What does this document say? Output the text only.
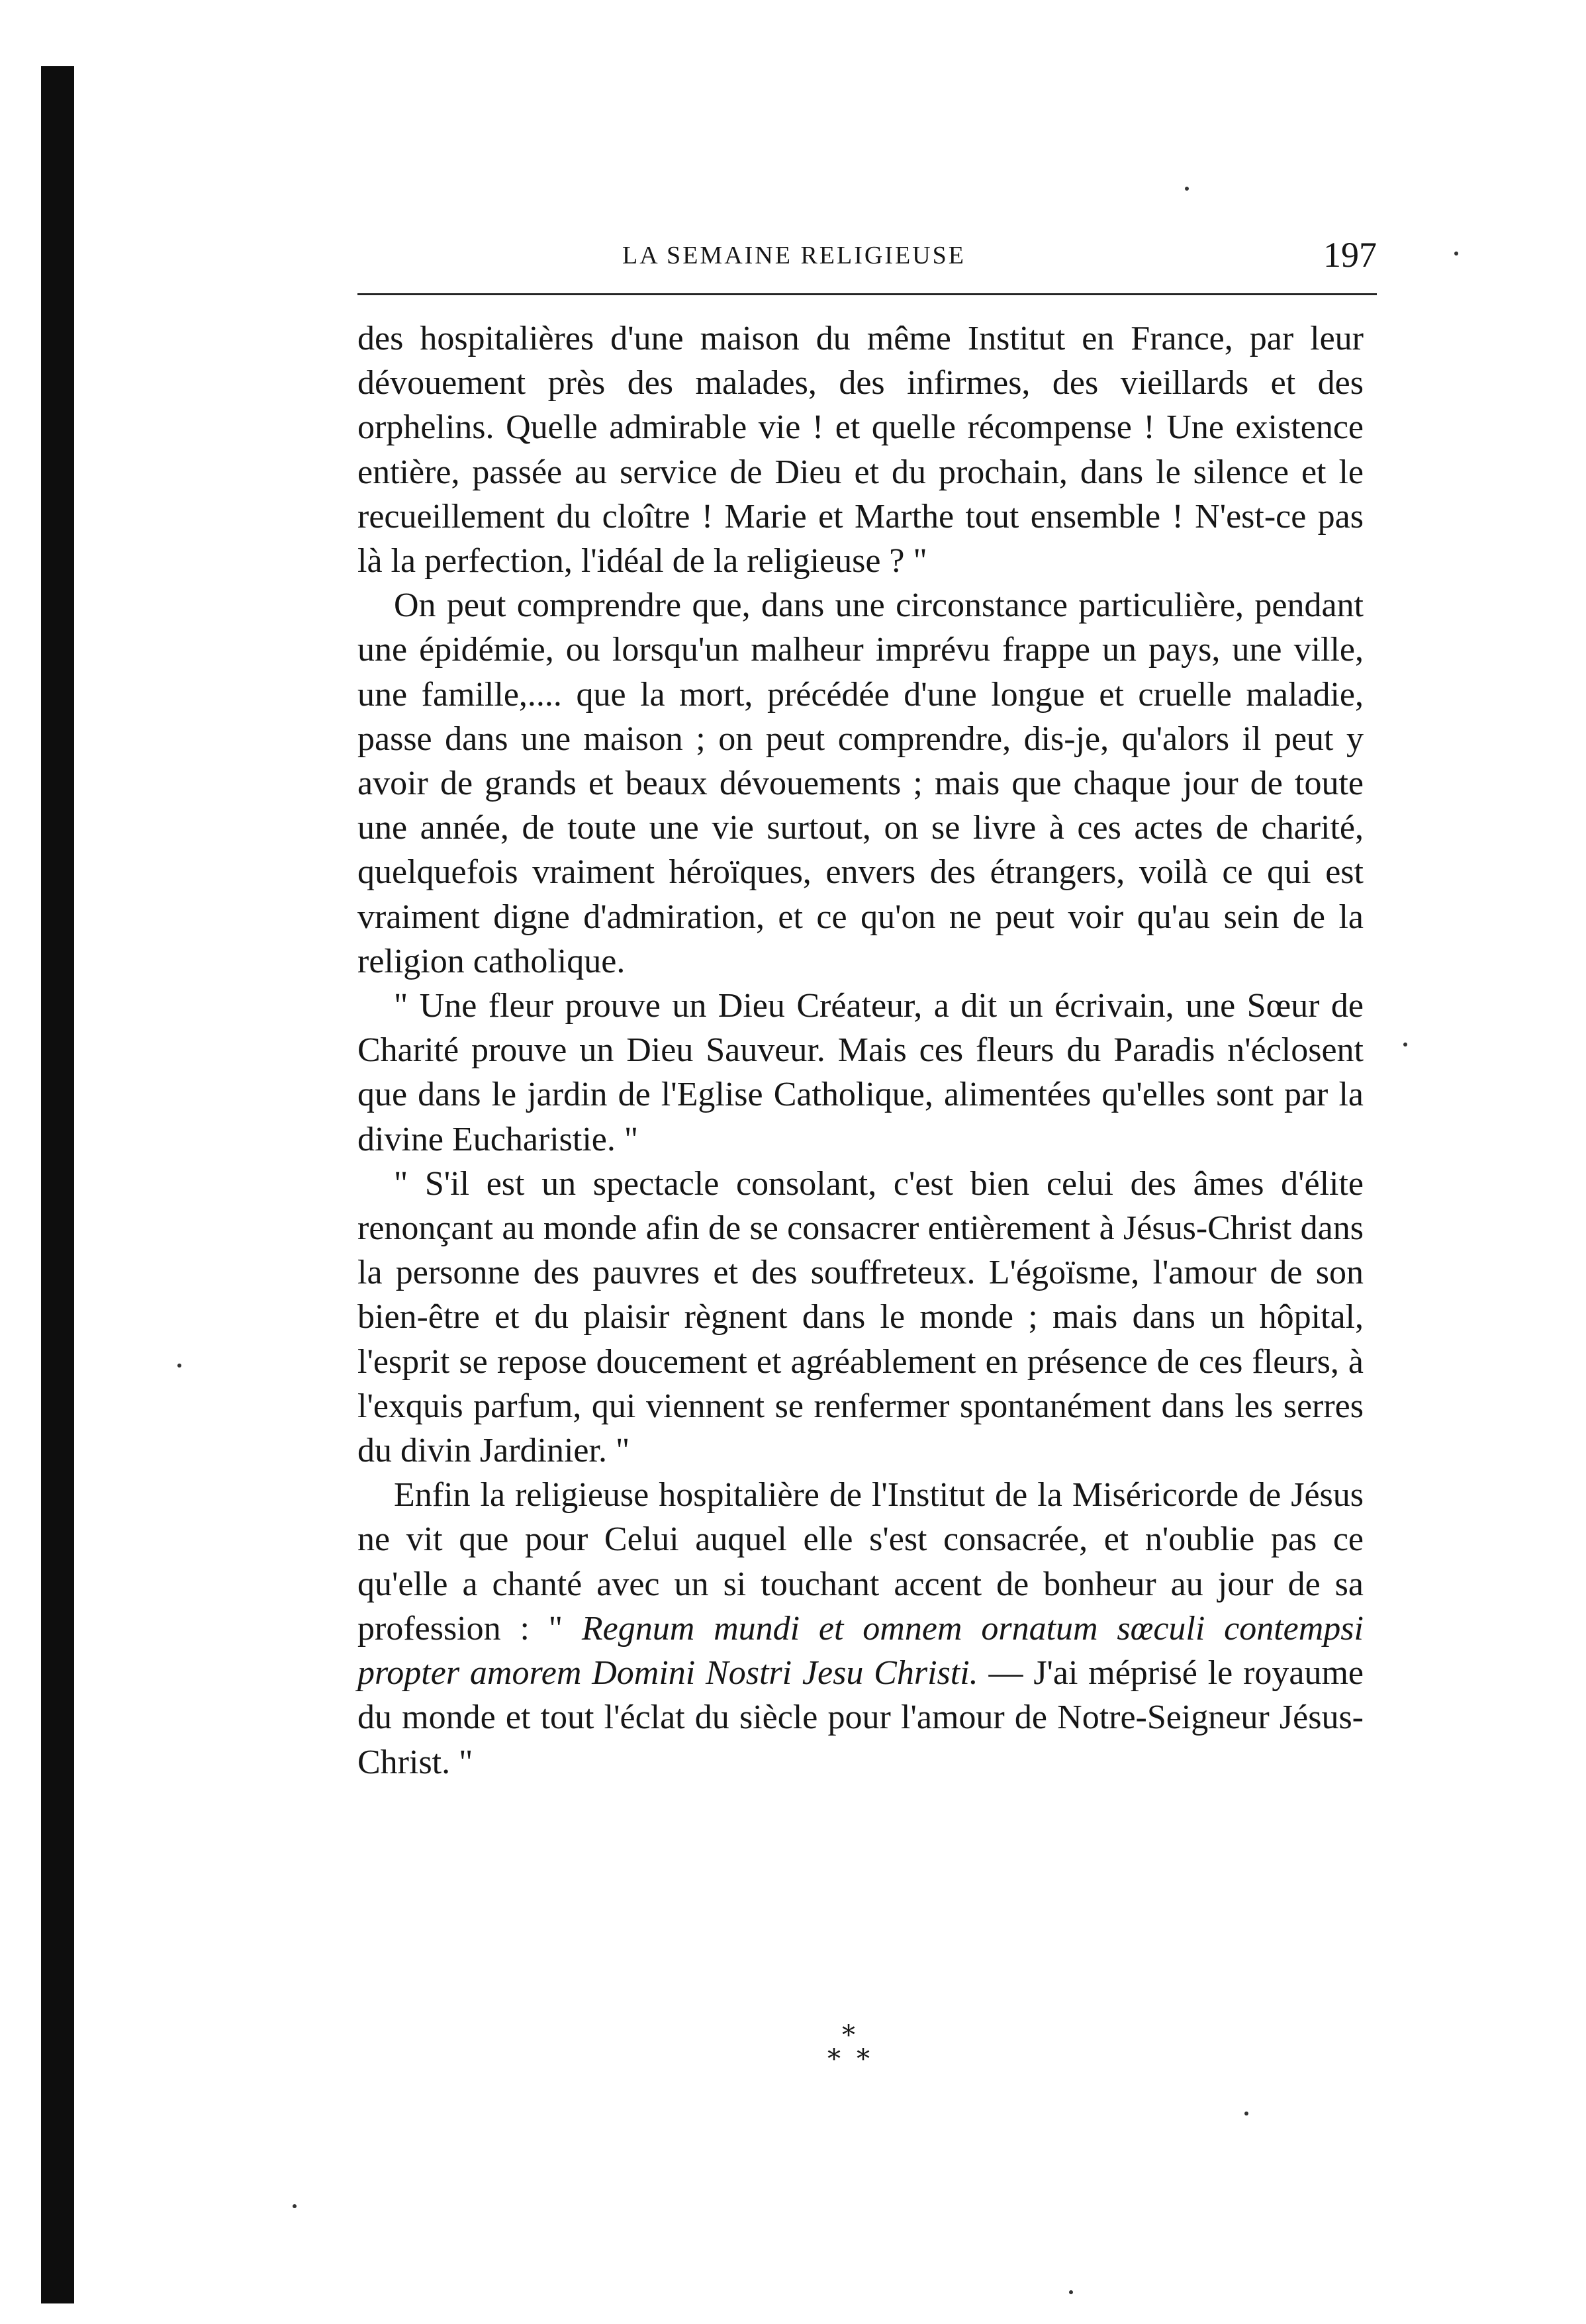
LA SEMAINE RELIGIEUSE	197

des hospitalières d'une maison du même Institut en France, par leur dévouement près des malades, des infirmes, des vieillards et des orphelins. Quelle admirable vie ! et quelle récompense ! Une existence entière, passée au service de Dieu et du prochain, dans le silence et le recueillement du cloître ! Marie et Marthe tout ensemble ! N'est-ce pas là la perfection, l'idéal de la religieuse ? "

On peut comprendre que, dans une circonstance particulière, pendant une épidémie, ou lorsqu'un malheur imprévu frappe un pays, une ville, une famille,.... que la mort, précédée d'une longue et cruelle maladie, passe dans une maison ; on peut comprendre, dis-je, qu'alors il peut y avoir de grands et beaux dévouements ; mais que chaque jour de toute une année, de toute une vie surtout, on se livre à ces actes de charité, quelquefois vraiment héroïques, envers des étrangers, voilà ce qui est vraiment digne d'admiration, et ce qu'on ne peut voir qu'au sein de la religion catholique.

" Une fleur prouve un Dieu Créateur, a dit un écrivain, une Sœur de Charité prouve un Dieu Sauveur. Mais ces fleurs du Paradis n'éclosent que dans le jardin de l'Eglise Catholique, alimentées qu'elles sont par la divine Eucharistie. "

" S'il est un spectacle consolant, c'est bien celui des âmes d'élite renonçant au monde afin de se consacrer entièrement à Jésus-Christ dans la personne des pauvres et des souffreteux. L'égoïsme, l'amour de son bien-être et du plaisir règnent dans le monde ; mais dans un hôpital, l'esprit se repose doucement et agréablement en présence de ces fleurs, à l'exquis parfum, qui viennent se renfermer spontanément dans les serres du divin Jardinier. "

Enfin la religieuse hospitalière de l'Institut de la Miséricorde de Jésus ne vit que pour Celui auquel elle s'est consacrée, et n'oublie pas ce qu'elle a chanté avec un si touchant accent de bonheur au jour de sa profession : " Regnum mundi et omnem ornatum sœculi contempsi propter amorem Domini Nostri Jesu Christi. — J'ai méprisé le royaume du monde et tout l'éclat du siècle pour l'amour de Notre-Seigneur Jésus-Christ. "

*
* *
